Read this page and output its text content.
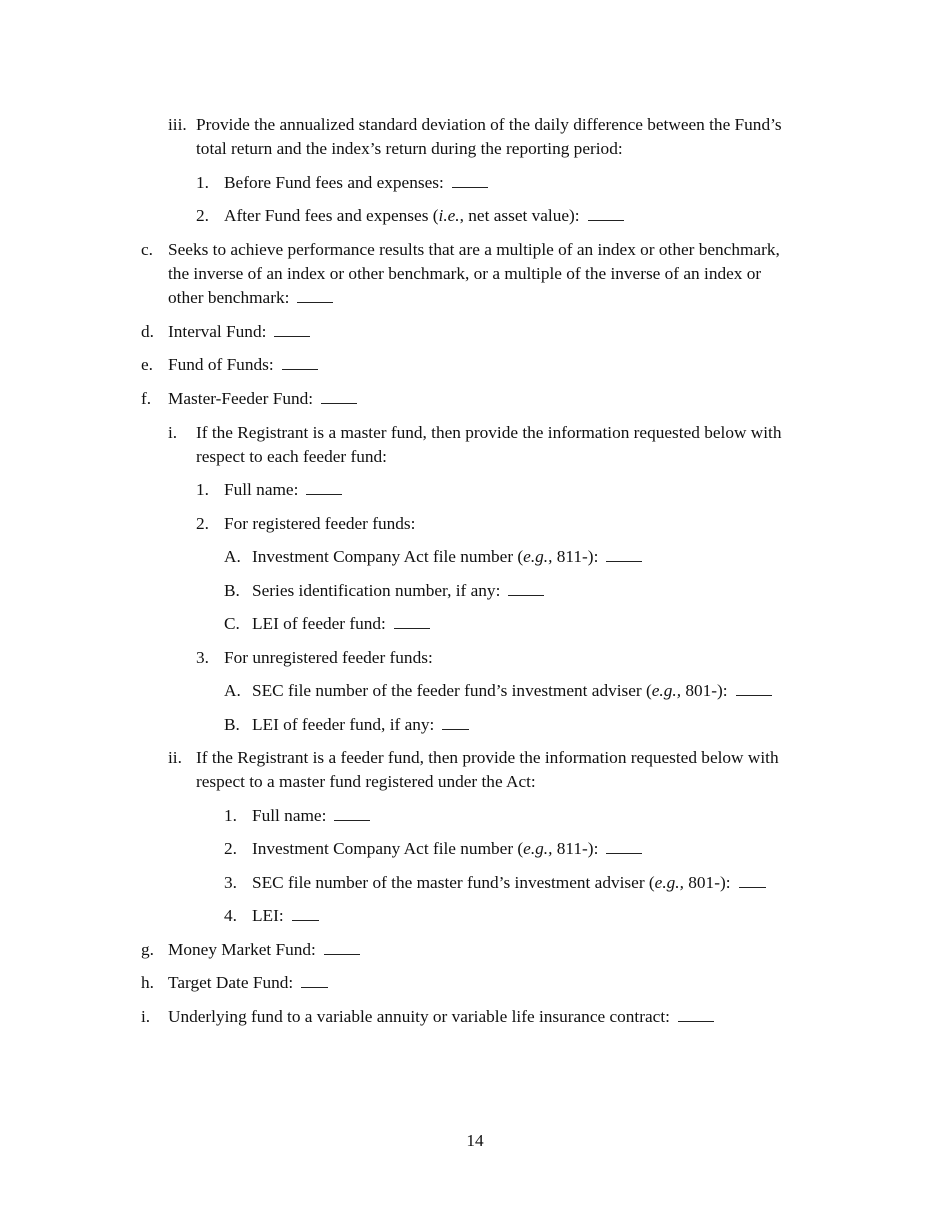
iii. Provide the annualized standard deviation of the daily difference between the Fund’s
total return and the index’s return during the reporting period:
1. Before Fund fees and expenses:
2. After Fund fees and expenses (i.e., net asset value):
c. Seeks to achieve performance results that are a multiple of an index or other benchmark,
the inverse of an index or other benchmark, or a multiple of the inverse of an index or
other benchmark:
d. Interval Fund:
e. Fund of Funds:
f. Master-Feeder Fund:
i. If the Registrant is a master fund, then provide the information requested below with
respect to each feeder fund:
1. Full name:
2. For registered feeder funds:
A. Investment Company Act file number (e.g., 811-):
B. Series identification number, if any:
C. LEI of feeder fund:
3. For unregistered feeder funds:
A. SEC file number of the feeder fund’s investment adviser (e.g., 801-):
B. LEI of feeder fund, if any:
ii. If the Registrant is a feeder fund, then provide the information requested below with
respect to a master fund registered under the Act:
1. Full name:
2. Investment Company Act file number (e.g., 811-):
3. SEC file number of the master fund’s investment adviser (e.g., 801-):
4. LEI:
g. Money Market Fund:
h. Target Date Fund:
i. Underlying fund to a variable annuity or variable life insurance contract:
14
